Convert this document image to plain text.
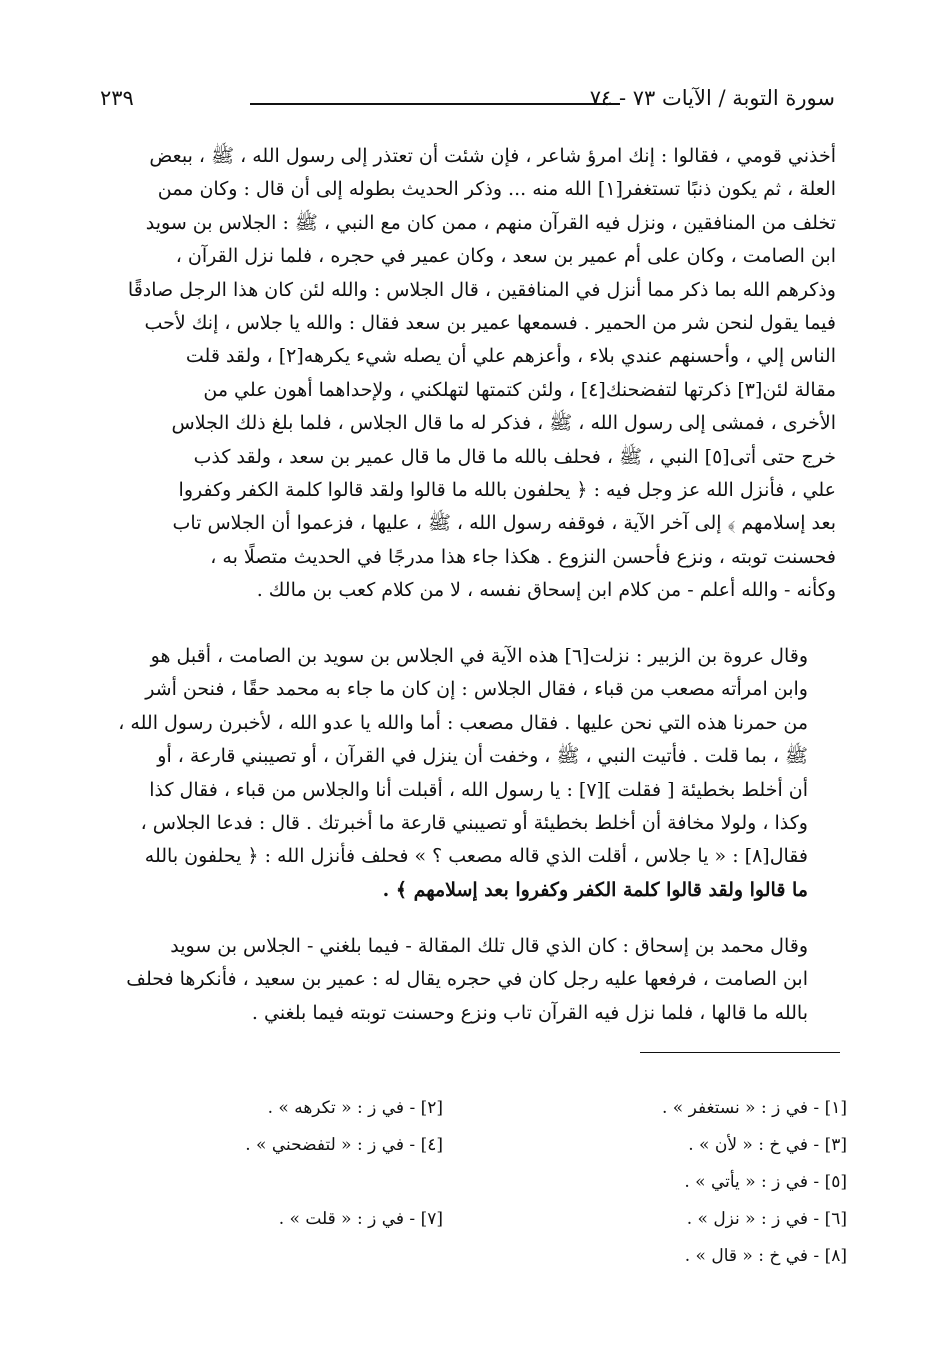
سورة التوبة / الآيات ٧٣ - ٧٤
٢٣٩
أخذني قومي ، فقالوا : إنك امرؤ شاعر ، فإن شئت أن تعتذر إلى رسول الله ، ﷺ ، ببعض
العلة ، ثم يكون ذنبًا تستغفر[١] الله منه ... وذكر الحديث بطوله إلى أن قال : وكان ممن
تخلف من المنافقين ، ونزل فيه القرآن منهم ، ممن كان مع النبي ، ﷺ : الجلاس بن سويد
ابن الصامت ، وكان على أم عمير بن سعد ، وكان عمير في حجره ، فلما نزل القرآن ،
وذكرهم الله بما ذكر مما أنزل في المنافقين ، قال الجلاس : والله لئن كان هذا الرجل صادقًا
فيما يقول لنحن شر من الحمير . فسمعها عمير بن سعد فقال : والله يا جلاس ، إنك لأحب
الناس إلي ، وأحسنهم عندي بلاء ، وأعزهم علي أن يصله شيء يكرهه[٢] ، ولقد قلت
مقالة لئن[٣] ذكرتها لتفضحنك[٤] ، ولئن كتمتها لتهلكني ، ولإحداهما أهون علي من
الأخرى ، فمشى إلى رسول الله ، ﷺ ، فذكر له ما قال الجلاس ، فلما بلغ ذلك الجلاس
خرج حتى أتى[٥] النبي ، ﷺ ، فحلف بالله ما قال ما قال عمير بن سعد ، ولقد كذب
علي ، فأنزل الله عز وجل فيه : ﴿ يحلفون بالله ما قالوا ولقد قالوا كلمة الكفر وكفروا
بعد إسلامهم ﴾ إلى آخر الآية ، فوقفه رسول الله ، ﷺ ، عليها ، فزعموا أن الجلاس تاب
فحسنت توبته ، ونزع فأحسن النزوع . هكذا جاء هذا مدرجًا في الحديث متصلًا به ،
وكأنه - والله أعلم - من كلام ابن إسحاق نفسه ، لا من كلام كعب بن مالك .
وقال عروة بن الزبير : نزلت[٦] هذه الآية في الجلاس بن سويد بن الصامت ، أقبل هو
وابن امرأته مصعب من قباء ، فقال الجلاس : إن كان ما جاء به محمد حقًا ، فنحن أشر
من حمرنا هذه التي نحن عليها . فقال مصعب : أما والله يا عدو الله ، لأخبرن رسول الله ،
ﷺ ، بما قلت . فأتيت النبي ، ﷺ ، وخفت أن ينزل في القرآن ، أو تصيبني قارعة ، أو
أن أخلط بخطيئة [ فقلت ][٧] : يا رسول الله ، أقبلت أنا والجلاس من قباء ، فقال كذا
وكذا ، ولولا مخافة أن أخلط بخطيئة أو تصيبني قارعة ما أخبرتك . قال : فدعا الجلاس ،
فقال[٨] : « يا جلاس ، أقلت الذي قاله مصعب ؟ » فحلف فأنزل الله : ﴿ يحلفون بالله
ما قالوا ولقد قالوا كلمة الكفر وكفروا بعد إسلامهم ﴾ .
وقال محمد بن إسحاق : كان الذي قال تلك المقالة - فيما بلغني - الجلاس بن سويد
ابن الصامت ، فرفعها عليه رجل كان في حجره يقال له : عمير بن سعيد ، فأنكرها فحلف
بالله ما قالها ، فلما نزل فيه القرآن تاب ونزع وحسنت توبته فيما بلغني .
[١] - في ز : « نستغفر » .
[٢] - في ز : « تكرهه » .
[٣] - في خ : « لأن » .
[٤] - في ز : « لتفضحني » .
[٥] - في ز : « يأتي » .
[٦] - في ز : « نزل » .
[٧] - في ز : « قلت » .
[٨] - في خ : « قال » .
